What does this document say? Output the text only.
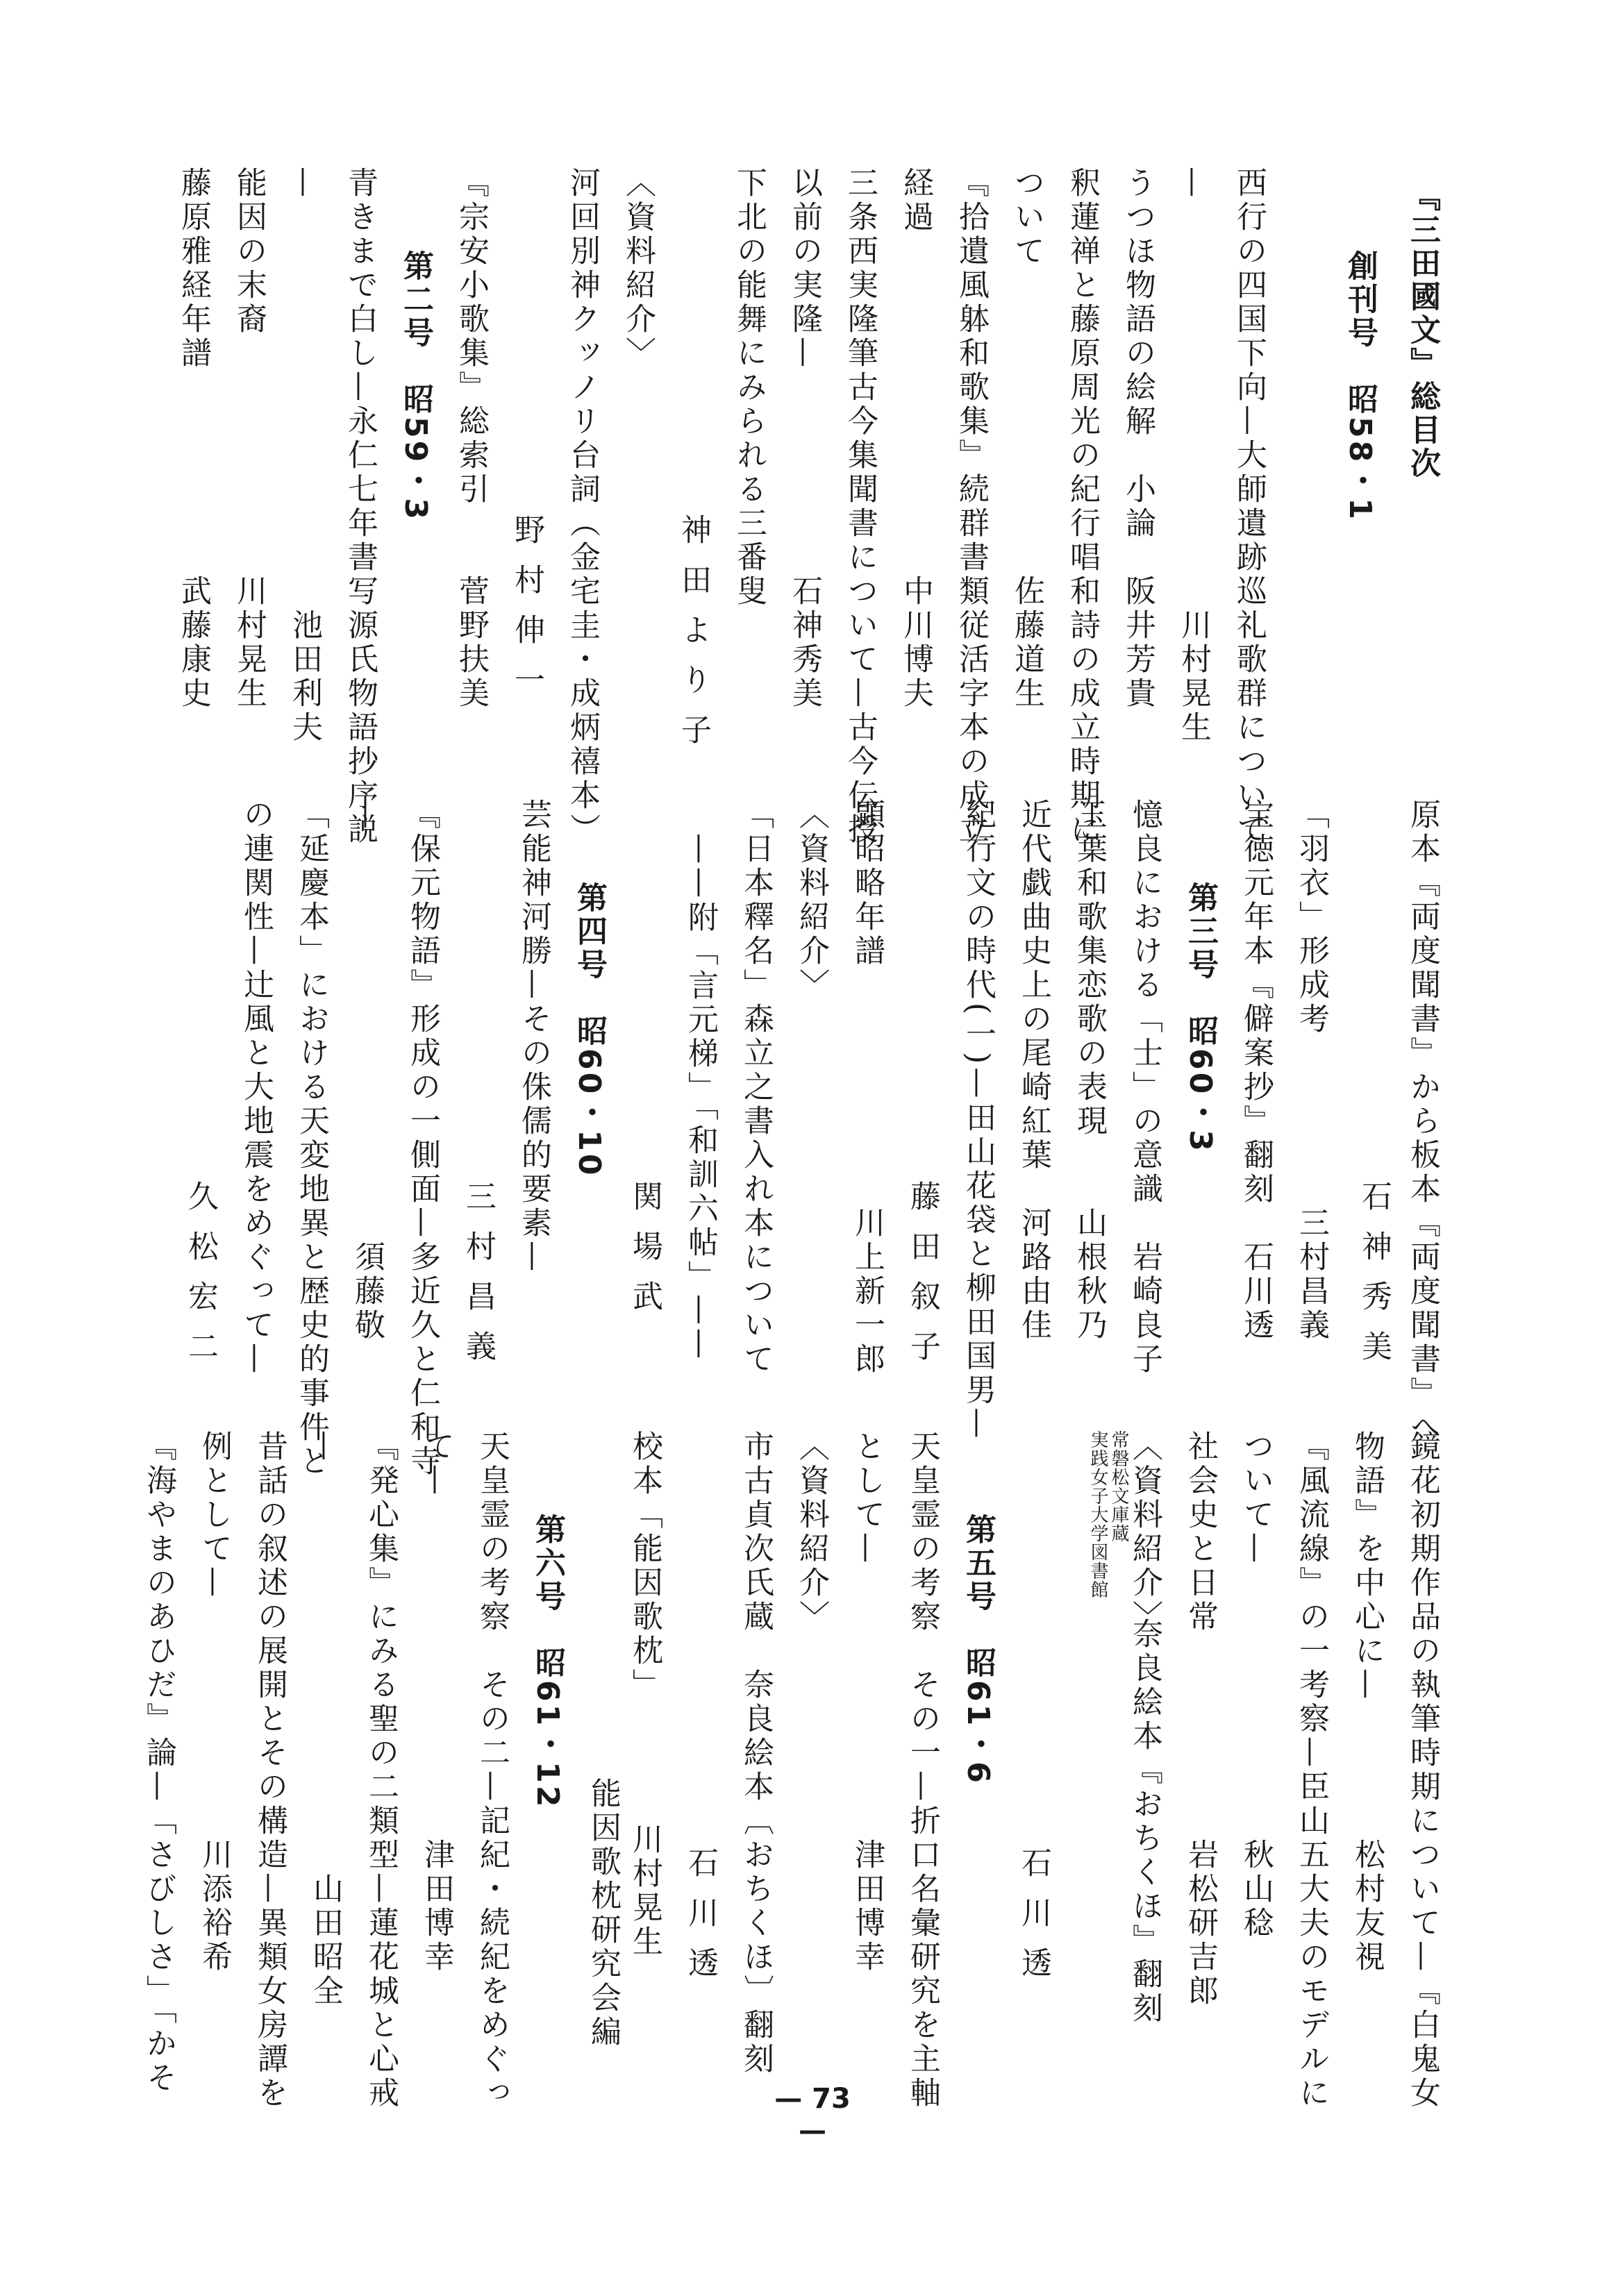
『三田國文』総目次
創刊号　昭58・1
西行の四国下向—大師遺跡巡礼歌群について
—　　　　　　　　　　　　川村晃生
うつほ物語の絵解　小論　阪井芳貴
釈蓮禅と藤原周光の紀行唱和詩の成立時期に
ついて　　　　　　　　　佐藤道生
『拾遺風躰和歌集』続群書類従活字本の成立
経過　　　　　　　　　　中川博夫
三条西実隆筆古今集聞書について—古今伝授
以前の実隆—　　　　　　石神秀美
下北の能舞にみられる三番叟
神田より子
〈資料紹介〉
河回別神クッノリ台詞（金宅圭・成炳禧本）
野村伸一
『宗安小歌集』総索引　　菅野扶美
第二号　昭59・3
青きまで白し—永仁七年書写源氏物語抄序説
—　　　　　　　　　　　　池田利夫
能因の末裔　　　　　　　川村晃生
藤原雅経年譜　　　　　　武藤康史
原本『両度聞書』から板本『両度聞書』へ
石神秀美
「羽衣」形成考　　　　　三村昌義
宝徳元年本『僻案抄』翻刻　石川透
第三号　昭60・3
憶良における「士」の意識　岩崎良子
玉葉和歌集恋歌の表現　　山根秋乃
近代戯曲史上の尾崎紅葉　河路由佳
紀行文の時代(一)—田山花袋と柳田国男—
藤田叙子
顕昭略年譜　　　　　　　川上新一郎
〈資料紹介〉
「日本釋名」森立之書入れ本について
——附「言元梯」「和訓六帖」——
関場武
第四号　昭60・10
芸能神河勝—その侏儒的要素—
三村昌義
『保元物語』形成の一側面—多近久と仁和寺
—　　　　　　　　　　　　須藤敬
「延慶本」における天変地異と歴史的事件と
の連関性—辻風と大地震をめぐって—
久松宏二
鏡花初期作品の執筆時期について—『白鬼女
物語』を中心に—　　　　松村友視
『風流線』の一考察—臣山五大夫のモデルに
ついて—　　　　　　　　秋山稔
社会史と日常　　　　　　岩松研吉郎
〈資料紹介〉
実践女子大学図書館 常磐松文庫蔵
奈良絵本『おちくほ』翻刻
石川透
第五号　昭61・6
天皇霊の考察　その一—折口名彙研究を主軸
として—　　　　　　　　津田博幸
〈資料紹介〉
市古貞次氏蔵　奈良絵本〔おちくほ〕翻刻
石川透
校本「能因歌枕」　　　　川村晃生
能因歌枕研究会編
第六号　昭61・12
天皇霊の考察　その二—記紀・続紀をめぐっ
て—　　　　　　　　　　津田博幸
『発心集』にみる聖の二類型—蓮花城と心戒
—　　　　　　　　　　　　山田昭全
昔話の叙述の展開とその構造—異類女房譚を
例として—　　　　　　　川添裕希
『海やまのあひだ』論—「さびしさ」「かそ
— 73 —
